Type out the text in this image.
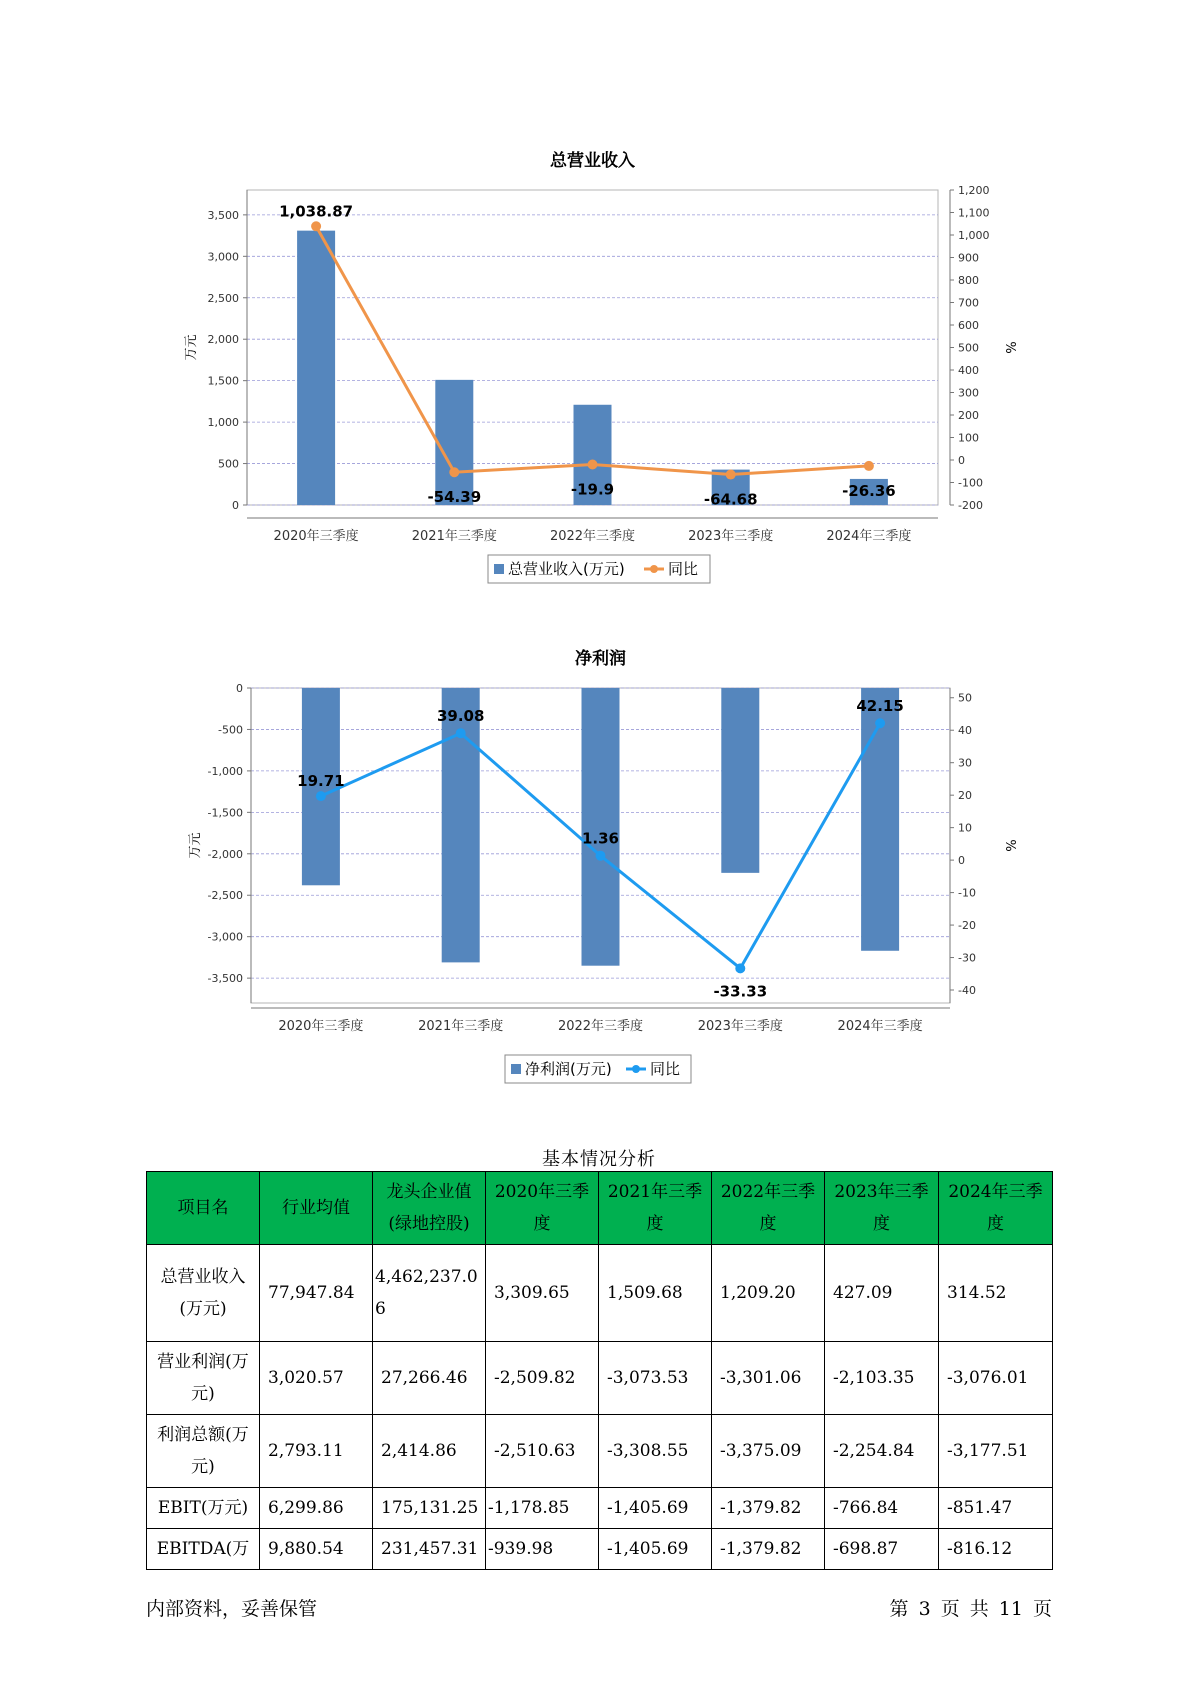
总营业收入
0
500
1,000
1,500
2,000
2,500
3,000
3,500
-200
-100
0
100
200
300
400
500
600
700
800
900
1,000
1,100
1,200
万元	%
2020年三季度	2021年三季度	2022年三季度	2023年三季度	2024年三季度
1,038.87
-54.39	-19.9
-64.68	-26.36
总营业收入(万元)	同比
净利润
0
-500
-1,000
-1,500
-2,000
-2,500
-3,000
-3,500
-40
-30
-20
-10
0
10
20
30
40
50
万元	%
2020年三季度	2021年三季度	2022年三季度	2023年三季度	2024年三季度
19.71
39.08
1.36
-33.33
42.15
净利润(万元)	同比
基本情况分析
项目名	行业均值	龙头企业值(绿地控股)	2020年三季度	2021年三季度	2022年三季度	2023年三季度	2024年三季度
总营业收入(万元)	77,947.84	4,462,237.06	3,309.65	1,509.68	1,209.20	427.09	314.52
营业利润(万元)	3,020.57	27,266.46	-2,509.82	-3,073.53	-3,301.06	-2,103.35	-3,076.01
利润总额(万元)	2,793.11	2,414.86	-2,510.63	-3,308.55	-3,375.09	-2,254.84	-3,177.51
EBIT(万元)	6,299.86	175,131.25	-1,178.85	-1,405.69	-1,379.82	-766.84	-851.47
EBITDA(万	9,880.54	231,457.31	-939.98	-1,405.69	-1,379.82	-698.87	-816.12
内部资料，妥善保管	第 3 页 共 11 页
